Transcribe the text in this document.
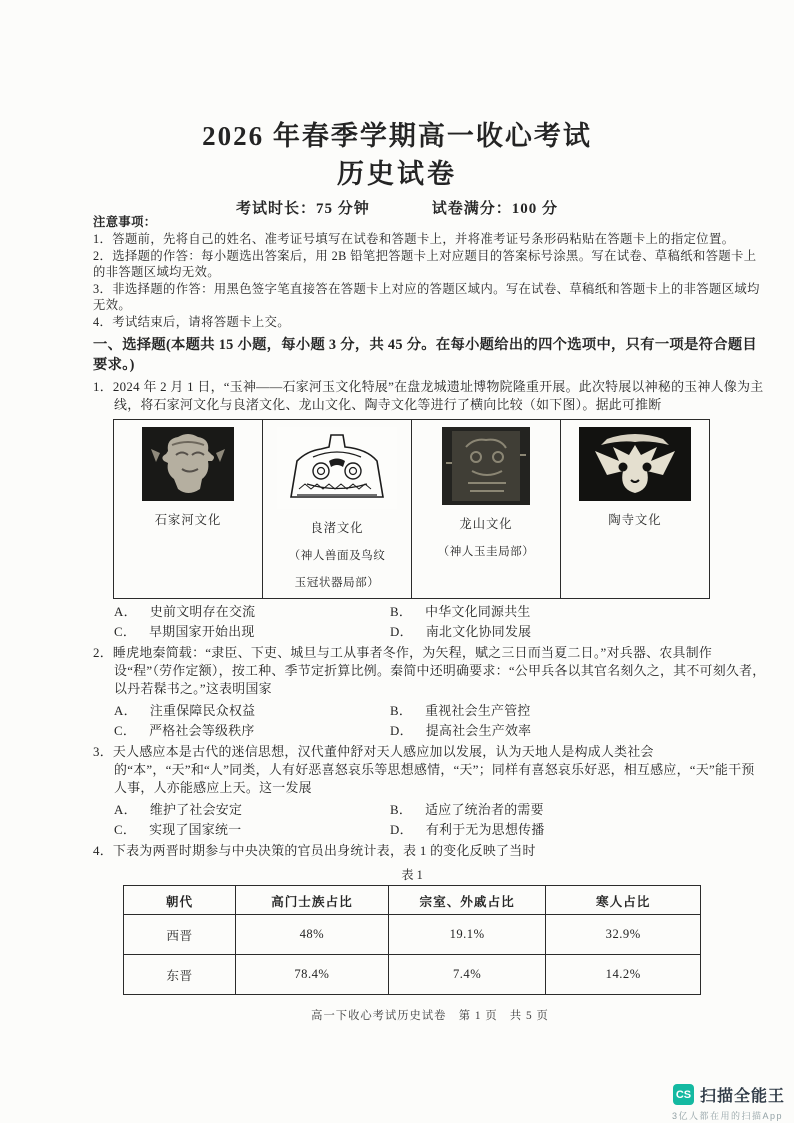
2026 年春季学期高一收心考试
历史试卷
考试时长：75 分钟	试卷满分：100 分
注意事项：
1．答题前，先将自己的姓名、准考证号填写在试卷和答题卡上，并将准考证号条形码粘贴在答题卡上的指定位置。
2．选择题的作答：每小题选出答案后，用 2B 铅笔把答题卡上对应题目的答案标号涂黑。写在试卷、草稿纸和答题卡上的非答题区域均无效。
3．非选择题的作答：用黑色签字笔直接答在答题卡上对应的答题区域内。写在试卷、草稿纸和答题卡上的非答题区域均无效。
4．考试结束后，请将答题卡上交。
一、选择题(本题共 15 小题，每小题 3 分，共 45 分。在每小题给出的四个选项中，只有一项是符合题目要求。)
1．2024 年 2 月 1 日，“玉神——石家河玉文化特展”在盘龙城遗址博物院隆重开展。此次特展以神秘的玉神人像为主线，将石家河文化与良渚文化、龙山文化、陶寺文化等进行了横向比较（如下图）。据此可推断
石家河文化

良渚文化
（神人兽面及鸟纹
玉冠状器局部）

龙山文化
（神人玉圭局部）

陶寺文化
A． 史前文明存在交流	B． 中华文化同源共生
C． 早期国家开始出现	D． 南北文化协同发展
2．睡虎地秦简载：“隶臣、下吏、城旦与工从事者冬作，为矢程，赋之三日而当夏二日。”对兵器、农具制作设“程”（劳作定额），按工种、季节定折算比例。秦简中还明确要求：“公甲兵各以其官名刻久之，其不可刻久者，以丹若髹书之。”这表明国家
A． 注重保障民众权益	B． 重视社会生产管控
C． 严格社会等级秩序	D． 提高社会生产效率
3．天人感应本是古代的迷信思想，汉代董仲舒对天人感应加以发展，认为天地人是构成人类社会的“本”，“天”和“人”同类，人有好恶喜怒哀乐等思想感情，“天”；同样有喜怒哀乐好恶，相互感应，“天”能干预人事，人亦能感应上天。这一发展
A． 维护了社会安定	B． 适应了统治者的需要
C． 实现了国家统一	D． 有利于无为思想传播
4．下表为两晋时期参与中央决策的官员出身统计表，表 1 的变化反映了当时
表 1
朝代	高门士族占比	宗室、外戚占比	寒人占比
西晋	48%	19.1%	32.9%
东晋	78.4%	7.4%	14.2%
高一下收心考试历史试卷　第 1 页　共 5 页
CS 扫描全能王
3亿人都在用的扫描App
